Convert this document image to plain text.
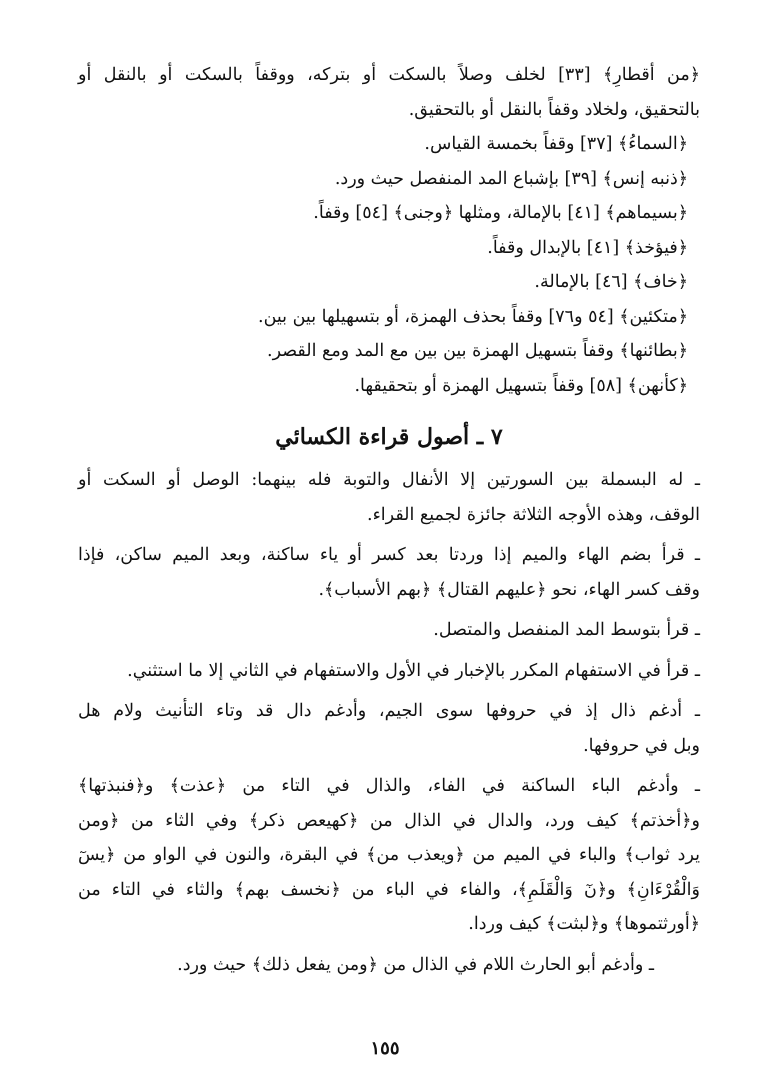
﴿من أقطارِ﴾ [٣٣] لخلف وصلاً بالسكت أو بتركه، ووقفاً بالسكت أو بالنقل أو

بالتحقيق، ولخلاد وقفاً بالنقل أو بالتحقيق.

﴿السماءُ﴾ [٣٧] وقفاً بخمسة القياس.

﴿ذنبه إنس﴾ [٣٩] بإشباع المد المنفصل حيث ورد.

﴿بسيماهم﴾ [٤١] بالإمالة، ومثلها ﴿وجنى﴾ [٥٤] وقفاً.

﴿فيؤخذ﴾ [٤١] بالإبدال وقفاً.

﴿خاف﴾ [٤٦] بالإمالة.

﴿متكئين﴾ [٥٤ و٧٦] وقفاً بحذف الهمزة، أو بتسهيلها بين بين.

﴿بطائنها﴾ وقفاً بتسهيل الهمزة بين بين مع المد ومع القصر.

﴿كأنهن﴾ [٥٨] وقفاً بتسهيل الهمزة أو بتحقيقها.

٧ ـ أصول قراءة الكسائي

ـ له البسملة بين السورتين إلا الأنفال والتوبة فله بينهما: الوصل أو السكت أو

الوقف، وهذه الأوجه الثلاثة جائزة لجميع القراء.

ـ قرأ بضم الهاء والميم إذا وردتا بعد كسر أو ياء ساكنة، وبعد الميم ساكن، فإذا

وقف كسر الهاء، نحو ﴿عليهم القتال﴾ ﴿بهم الأسباب﴾.

ـ قرأ بتوسط المد المنفصل والمتصل.

ـ قرأ في الاستفهام المكرر بالإخبار في الأول والاستفهام في الثاني إلا ما استثني.

ـ أدغم ذال إذ في حروفها سوى الجيم، وأدغم دال قد وتاء التأنيث ولام هل

وبل في حروفها.

ـ وأدغم الباء الساكنة في الفاء، والذال في التاء من ﴿عذت﴾ و﴿فنبذتها﴾

و﴿أخذتم﴾ كيف ورد، والدال في الذال من ﴿كهيعص ذكر﴾ وفي الثاء من ﴿ومن

يرد ثواب﴾ والباء في الميم من ﴿ويعذب من﴾ في البقرة، والنون في الواو من ﴿يسٓ

وَالْقُرْءَانِ﴾ و﴿نٓ وَالْقَلَمِ﴾، والفاء في الباء من ﴿نخسف بهم﴾ والثاء في التاء من

﴿أورثتموها﴾ و﴿لبثت﴾ كيف وردا.

ـ وأدغم أبو الحارث اللام في الذال من ﴿ومن يفعل ذلك﴾ حيث ورد.

١٥٥
